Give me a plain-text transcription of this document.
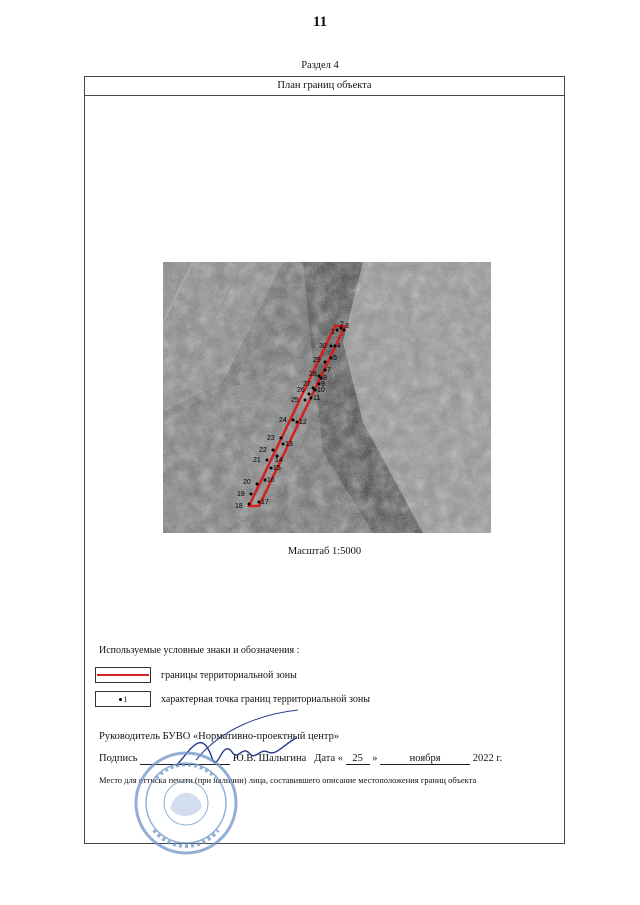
11
Раздел 4
План границ объекта
1
2 3
4
5
7
8
9
10
11
12
13
14
15
16
17
18
19
20
21
22
23
24
25
26
27
28
29
30
Масштаб 1:5000
Используемые условные знаки и обозначения :
границы территориальной зоны
1	характерная точка границ территориальной зоны
Руководитель БУВО «Нормативно-проектный центр»
Подпись	Ю.В. Шалыгина Дата « 25 »	ноября	2022 г.
Место для оттиска печати (при наличии) лица, составившего описание местоположения границ объекта
